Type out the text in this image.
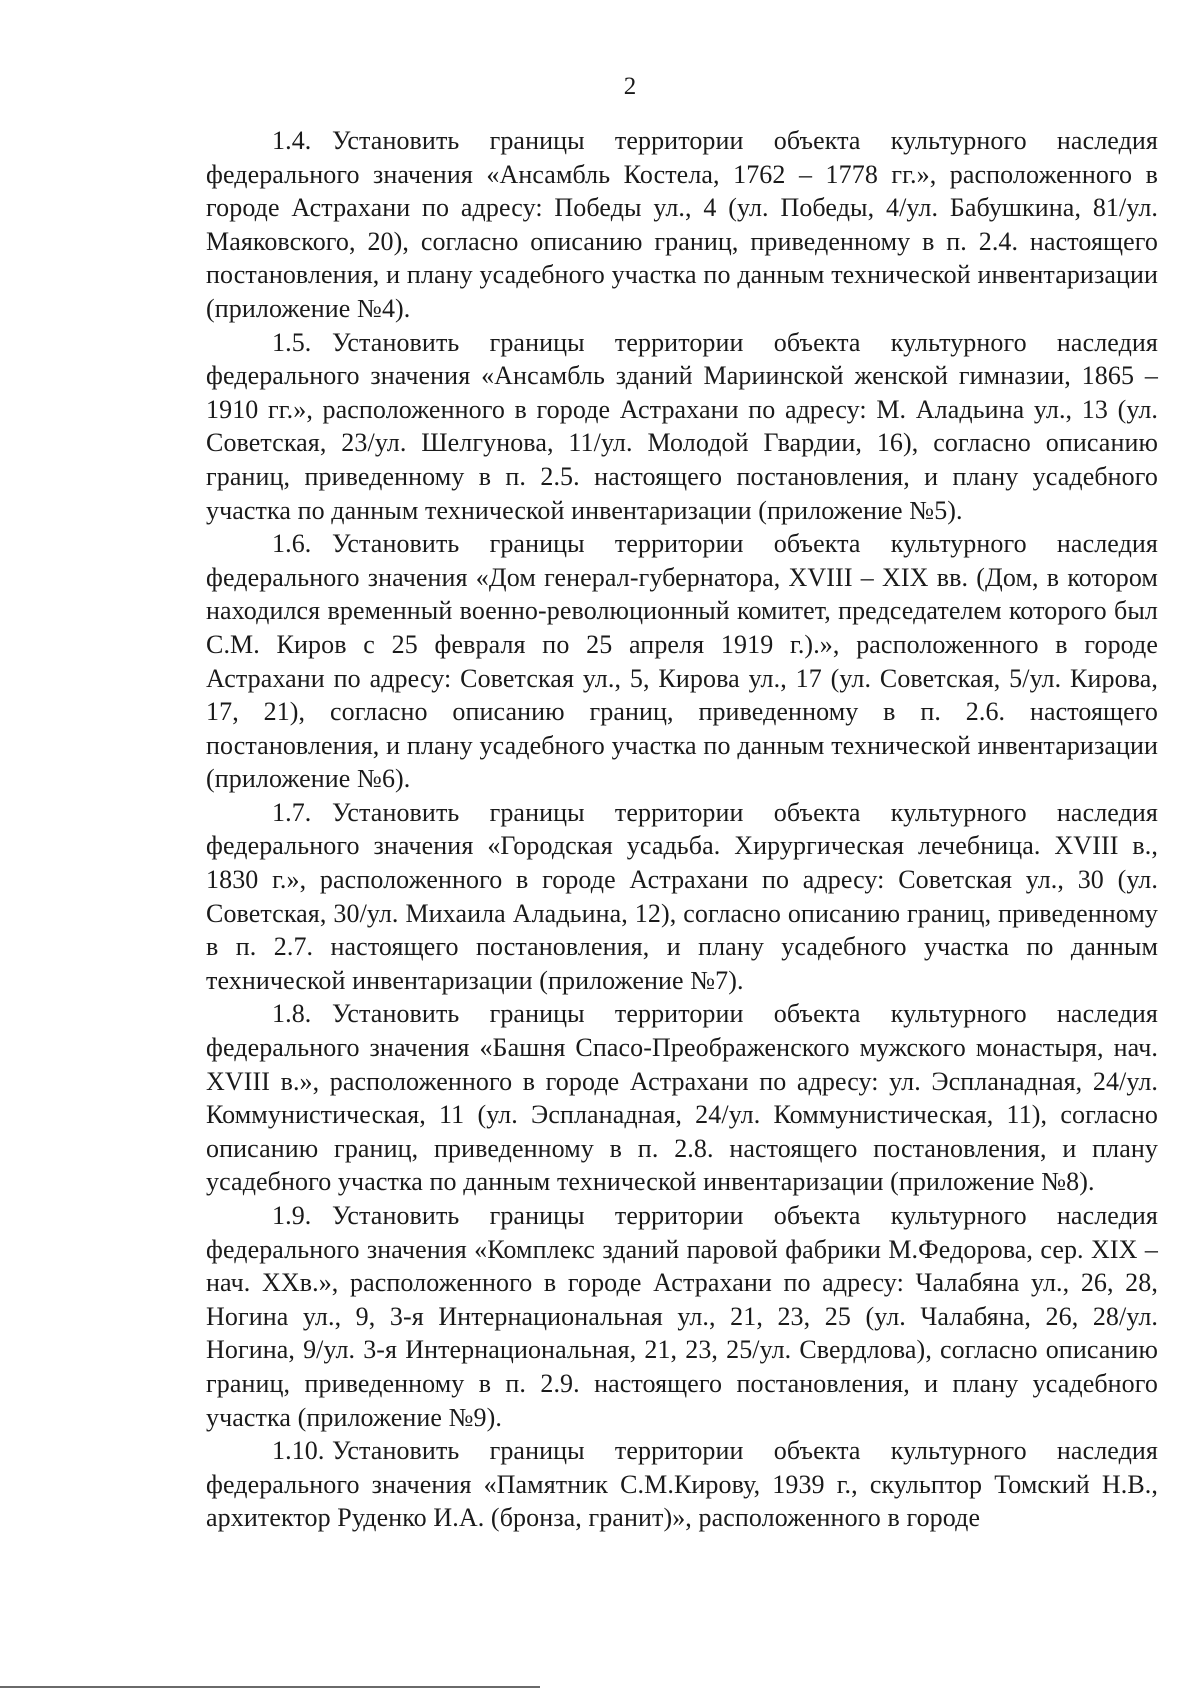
2

1.4. Установить границы территории объекта культурного наследия федерального значения «Ансамбль Костела, 1762 – 1778 гг.», расположенного в городе Астрахани по адресу: Победы ул., 4 (ул. Победы, 4/ул. Бабушкина, 81/ул. Маяковского, 20), согласно описанию границ, приведенному в п. 2.4. настоящего постановления, и плану усадебного участка по данным технической инвентаризации (приложение №4).

1.5. Установить границы территории объекта культурного наследия федерального значения «Ансамбль зданий Мариинской женской гимназии, 1865 – 1910 гг.», расположенного в городе Астрахани по адресу: М. Аладьина ул., 13 (ул. Советская, 23/ул. Шелгунова, 11/ул. Молодой Гвардии, 16), согласно описанию границ, приведенному в п. 2.5. настоящего постановления, и плану усадебного участка по данным технической инвентаризации (приложение №5).

1.6. Установить границы территории объекта культурного наследия федерального значения «Дом генерал-губернатора, XVIII – XIX вв. (Дом, в котором находился временный военно-революционный комитет, председателем которого был С.М. Киров с 25 февраля по 25 апреля 1919 г.).», расположенного в городе Астрахани по адресу: Советская ул., 5, Кирова ул., 17 (ул. Советская, 5/ул. Кирова, 17, 21), согласно описанию границ, приведенному в п. 2.6. настоящего постановления, и плану усадебного участка по данным технической инвентаризации (приложение №6).

1.7. Установить границы территории объекта культурного наследия федерального значения «Городская усадьба. Хирургическая лечебница. XVIII в., 1830 г.», расположенного в городе Астрахани по адресу: Советская ул., 30 (ул. Советская, 30/ул. Михаила Аладьина, 12), согласно описанию границ, приведенному в п. 2.7. настоящего постановления, и плану усадебного участка по данным технической инвентаризации (приложение №7).

1.8. Установить границы территории объекта культурного наследия федерального значения «Башня Спасо-Преображенского мужского монастыря, нач. XVIII в.», расположенного в городе Астрахани по адресу: ул. Эспланадная, 24/ул. Коммунистическая, 11 (ул. Эспланадная, 24/ул. Коммунистическая, 11), согласно описанию границ, приведенному в п. 2.8. настоящего постановления, и плану усадебного участка по данным технической инвентаризации (приложение №8).

1.9. Установить границы территории объекта культурного наследия федерального значения «Комплекс зданий паровой фабрики М.Федорова, сер. XIX – нач. XXв.», расположенного в городе Астрахани по адресу: Чалабяна ул., 26, 28, Ногина ул., 9, 3-я Интернациональная ул., 21, 23, 25 (ул. Чалабяна, 26, 28/ул. Ногина, 9/ул. 3-я Интернациональная, 21, 23, 25/ул. Свердлова), согласно описанию границ, приведенному в п. 2.9. настоящего постановления, и плану усадебного участка (приложение №9).

1.10. Установить границы территории объекта культурного наследия федерального значения «Памятник С.М.Кирову, 1939 г., скульптор Томский Н.В., архитектор Руденко И.А. (бронза, гранит)», расположенного в городе
